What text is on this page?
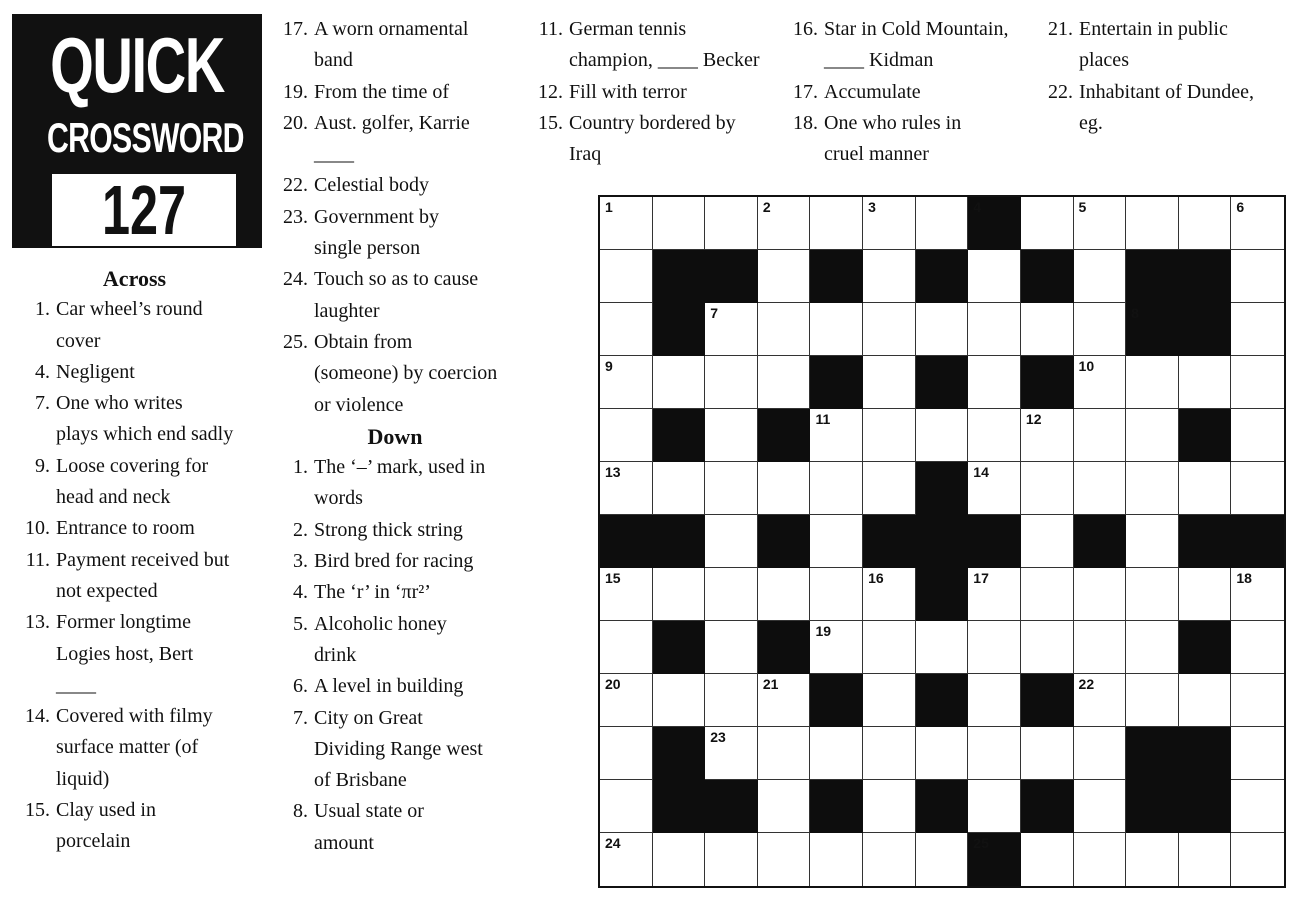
QUICK
CROSSWORD
127
Across
1. Car wheel’s round
cover
4. Negligent
7. One who writes
plays which end sadly
9. Loose covering for
head and neck
10. Entrance to room
11. Payment received but
not expected
13. Former longtime
Logies host, Bert
____
14. Covered with filmy
surface matter (of
liquid)
15. Clay used in
porcelain
17. A worn ornamental
band
19. From the time of
20. Aust. golfer, Karrie
____
22. Celestial body
23. Government by
single person
24. Touch so as to cause
laughter
25. Obtain from
(someone) by coercion
or violence
Down
1. The ‘–’ mark, used in
words
2. Strong thick string
3. Bird bred for racing
4. The ‘r’ in ‘πr²’
5. Alcoholic honey
drink
6. A level in building
7. City on Great
Dividing Range west
of Brisbane
8. Usual state or
amount
11. German tennis
champion, ____ Becker
12. Fill with terror
15. Country bordered by
Iraq
16. Star in Cold Mountain,
____ Kidman
17. Accumulate
18. One who rules in
cruel manner
21. Entertain in public
places
22. Inhabitant of Dundee,
eg.
1	2	3	4	5	6
7	8
9	10
11	12
13	14
15	16	17	18
19
20	21	22
23
24	25
